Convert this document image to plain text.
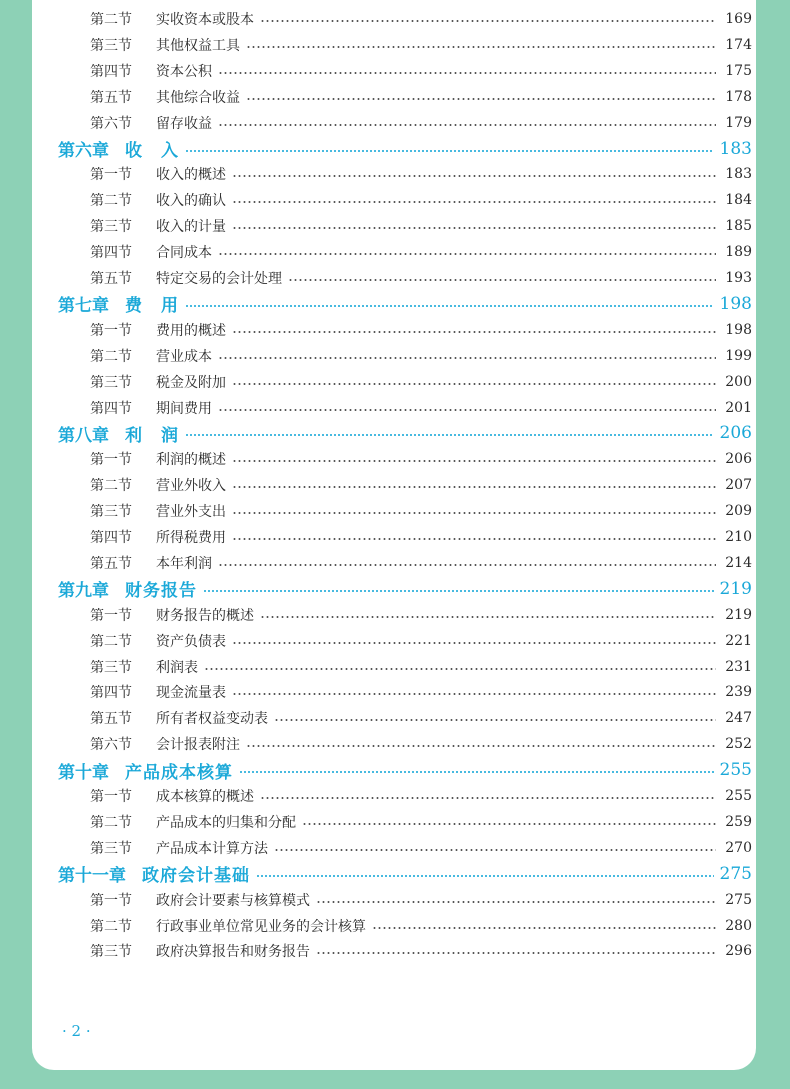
第二节	实收资本或股本	169
第三节	其他权益工具	174
第四节	资本公积	175
第五节	其他综合收益	178
第六节	留存收益	179
第六章 收　入	183
第一节	收入的概述	183
第二节	收入的确认	184
第三节	收入的计量	185
第四节	合同成本	189
第五节	特定交易的会计处理	193
第七章 费　用	198
第一节	费用的概述	198
第二节	营业成本	199
第三节	税金及附加	200
第四节	期间费用	201
第八章 利　润	206
第一节	利润的概述	206
第二节	营业外收入	207
第三节	营业外支出	209
第四节	所得税费用	210
第五节	本年利润	214
第九章 财务报告	219
第一节	财务报告的概述	219
第二节	资产负债表	221
第三节	利润表	231
第四节	现金流量表	239
第五节	所有者权益变动表	247
第六节	会计报表附注	252
第十章 产品成本核算	255
第一节	成本核算的概述	255
第二节	产品成本的归集和分配	259
第三节	产品成本计算方法	270
第十一章 政府会计基础	275
第一节	政府会计要素与核算模式	275
第二节	行政事业单位常见业务的会计核算	280
第三节	政府决算报告和财务报告	296
· 2 ·
